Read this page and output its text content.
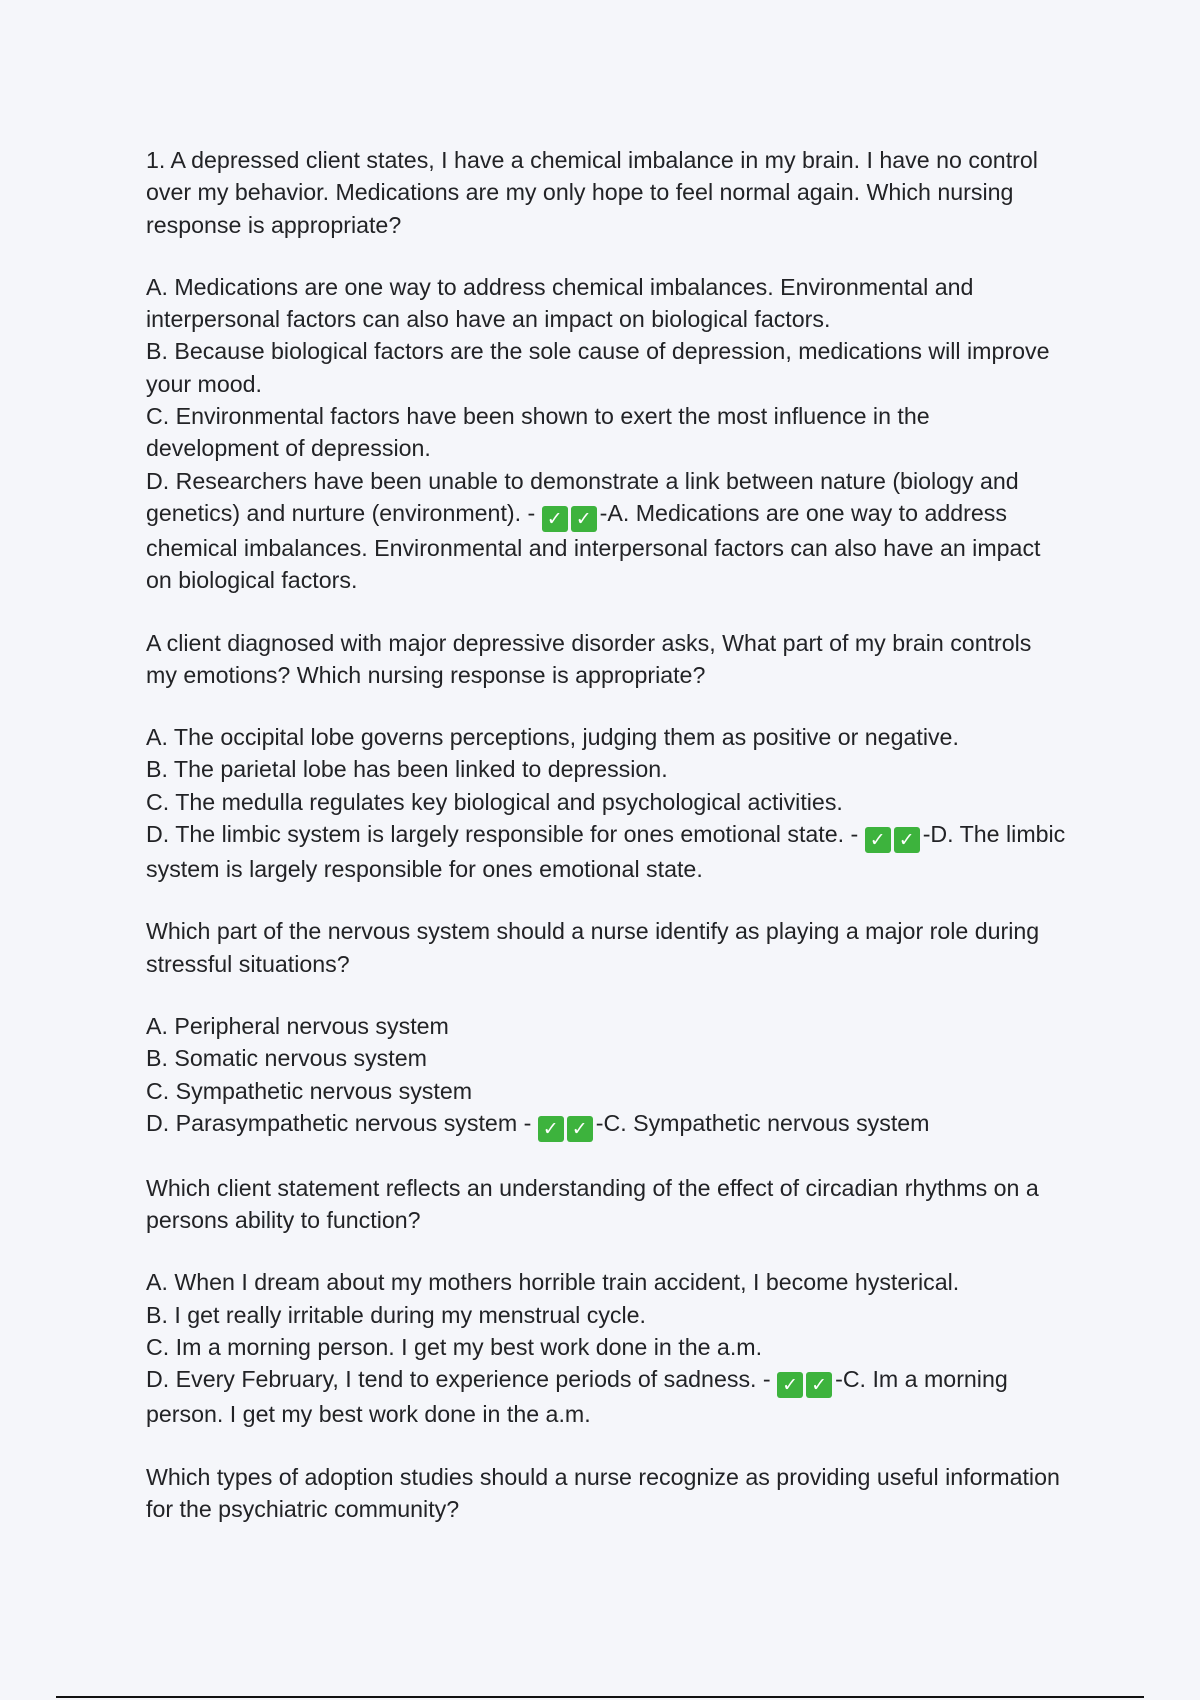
1. A depressed client states, I have a chemical imbalance in my brain. I have no control over my behavior. Medications are my only hope to feel normal again. Which nursing response is appropriate?

A. Medications are one way to address chemical imbalances. Environmental and interpersonal factors can also have an impact on biological factors.
B. Because biological factors are the sole cause of depression, medications will improve your mood.
C. Environmental factors have been shown to exert the most influence in the development of depression.
D. Researchers have been unable to demonstrate a link between nature (biology and genetics) and nurture (environment). - ✓ ✓ -A. Medications are one way to address chemical imbalances. Environmental and interpersonal factors can also have an impact on biological factors.

A client diagnosed with major depressive disorder asks, What part of my brain controls my emotions? Which nursing response is appropriate?

A. The occipital lobe governs perceptions, judging them as positive or negative.
B. The parietal lobe has been linked to depression.
C. The medulla regulates key biological and psychological activities.
D. The limbic system is largely responsible for ones emotional state. - ✓ ✓ -D. The limbic system is largely responsible for ones emotional state.

Which part of the nervous system should a nurse identify as playing a major role during stressful situations?

A. Peripheral nervous system
B. Somatic nervous system
C. Sympathetic nervous system
D. Parasympathetic nervous system - ✓ ✓ -C. Sympathetic nervous system

Which client statement reflects an understanding of the effect of circadian rhythms on a persons ability to function?

A. When I dream about my mothers horrible train accident, I become hysterical.
B. I get really irritable during my menstrual cycle.
C. Im a morning person. I get my best work done in the a.m.
D. Every February, I tend to experience periods of sadness. - ✓ ✓ -C. Im a morning person. I get my best work done in the a.m.

Which types of adoption studies should a nurse recognize as providing useful information for the psychiatric community?
